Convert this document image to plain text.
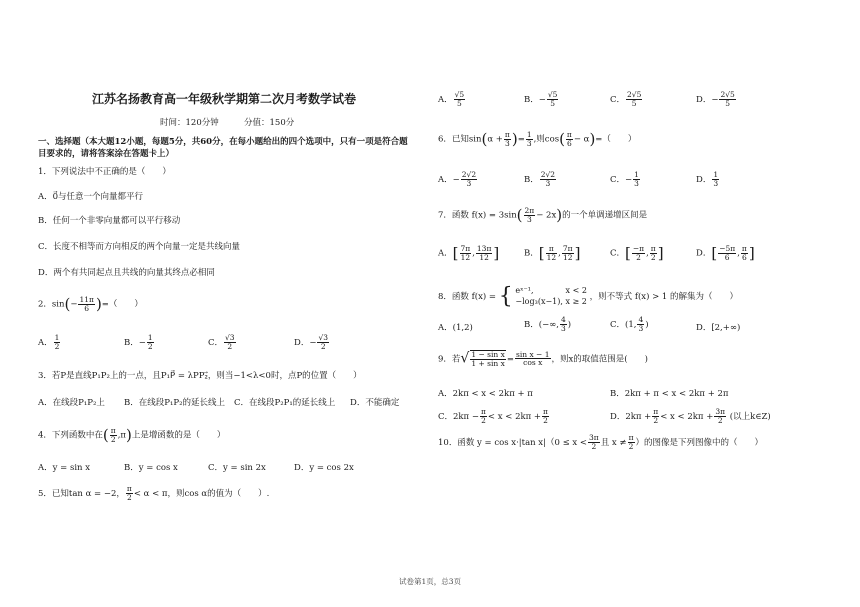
江苏名扬教育高一年级秋学期第二次月考数学试卷
时间：120分钟	分值：150分
一、选择题（本大题12小题，每题5分，共60分，在每小题给出的四个选项中，只有一项是符合题
目要求的，请将答案涂在答题卡上）
1．下列说法中不正确的是（　　）
A．0⃗与任意一个向量都平行
B．任何一个非零向量都可以平行移动
C．长度不相等而方向相反的两个向量一定是共线向量
D．两个有共同起点且共线的向量其终点必相同
2．$\sin(- \frac{11\pi}{6}$ )=（　　）
A． $\frac{1}{2}$	B．− $\frac{1}{2}$	C． $\frac{√3}{2}$	D．− $\frac{√3}{2}$
3．若P是直线P₁P₂上的一点，且P₁P⃗ = λPP₂⃗，则当−1<λ<0时，点P的位置（　　）
A．在线段P₁P₂上 B．在线段P₁P₂的延长线上 C．在线段P₂P₁的延长线上 D．不能确定
4．下列函数中在( $\frac{\pi}{2} ,\pi$)上是增函数的是（　　）
A．y = sin x	B．y = cos x	C．y = sin 2x	D．y = cos 2x
5．已知tan α = −2， $\frac{\pi}{2} < \alpha < \pi$，则cos α的值为（　　）.
A． $\frac{√5}{5}$	B．− $\frac{√5}{5}$	C． $\frac{2√5}{5}$	D．− $\frac{2√5}{5}$
6．已知$\sin(\alpha + \frac{\pi}{3}$ )= $\frac{1}{3}$ ,则$\cos( \frac{\pi}{6} - \alpha)=$（　　）
A．− $\frac{2√2}{3}$	B． $\frac{2√2}{3}$	C．− $\frac{1}{3}$	D． $\frac{1}{3}$
7．函数 $f(x) = 3\sin( \frac{2\pi}{3} - 2x)$的一个单调递增区间是
A．[ $\frac{7\pi}{12}$ , $\frac{13\pi}{12}$ ]	B．[ $\frac{\pi}{12}$ , $\frac{7\pi}{12}$ ]	C．[ $\frac{-\pi}{2}$ , $\frac{\pi}{2}$ ]	D．[ $\frac{-5\pi}{6}$ , $\frac{\pi}{6}$ ]
8．函数 f(x) = { eˣ⁻¹,　　　　x < 2
−log₃(x−1), x ≥ 2 ，则不等式 f(x) > 1 的解集为（　　）
A．(1,2)	B．(−∞, $\frac{4}{3}$ )	C．(1, $\frac{4}{3}$ )	D．[2,+∞)
9．若√ $\frac{\text{1 − sin x}}{\text{1 + sin x}} = \frac{\text{sin x − 1}}{\text{cos x}}$ ，则x的取值范围是(　　)
A．2kπ < x < 2kπ + π	B．2kπ + π < x < 2kπ + 2π
C．$2k\pi - \frac{\pi}{2} < x < 2k\pi + \frac{\pi}{2}$	D．$2k\pi + \frac{\pi}{2} < x < 2k\pi + \frac{3\pi}{2}$ (以上k∈Z)
10．函数 y = cos x·|tan $x|(0 \le x < \frac{3\pi}{2}$ 且 $x \ne \frac{\pi}{2}$ ）的图像是下列图像中的（　　）
试卷第1页，总3页
